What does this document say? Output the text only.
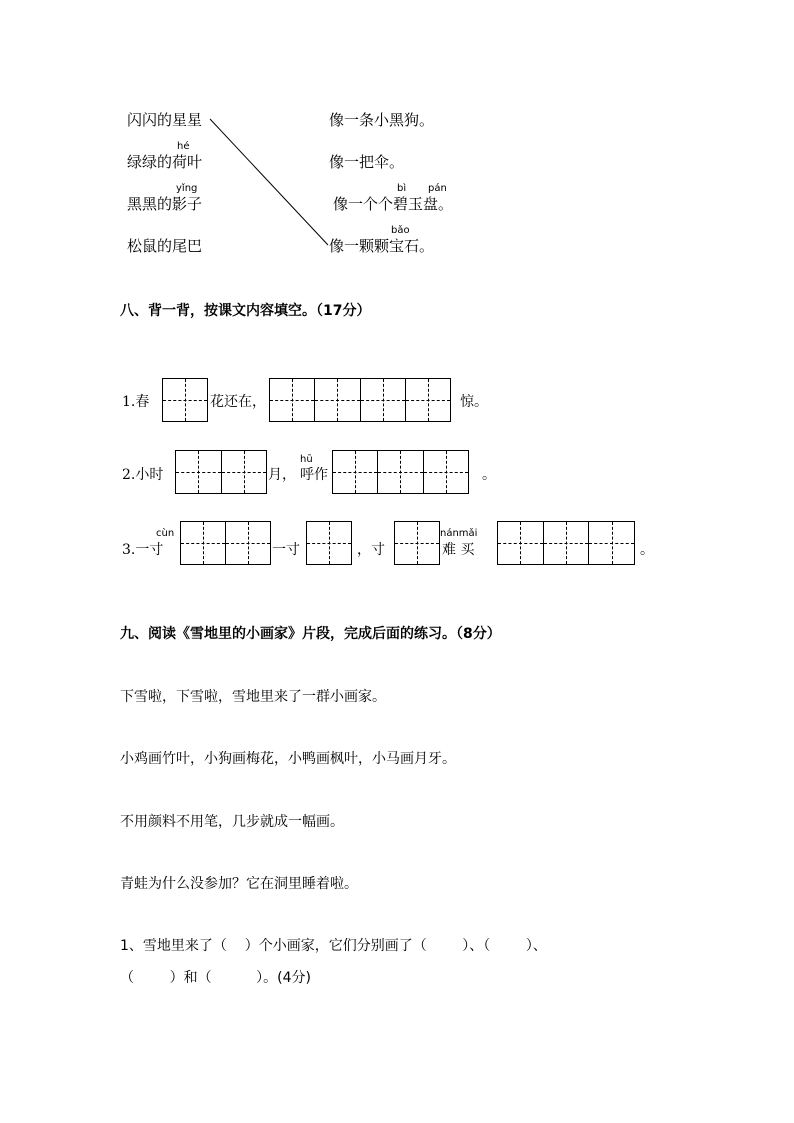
闪闪的星星
绿绿的荷叶
hé
黑黑的影子
yǐng
松鼠的尾巴
像一条小黑狗。
像一把伞。
像一个个碧玉盘。
bì pán
像一颗颗宝石。
bǎo
八、背一背，按课文内容填空。（17分）
1.春	花还在，	惊。
2.小时	月，
hū
呼作	。
3.一寸
cùn
一寸	，寸
nánmǎi
难 买	。
九、阅读《雪地里的小画家》片段，完成后面的练习。（8分）
下雪啦，下雪啦，雪地里来了一群小画家。
小鸡画竹叶，小狗画梅花，小鸭画枫叶，小马画月牙。
不用颜料不用笔，几步就成一幅画。
青蛙为什么没参加？它在洞里睡着啦。
1、雪地里来了（    ）个小画家，它们分别画了（        ）、（        ）、
（        ）和（          ）。(4分)
